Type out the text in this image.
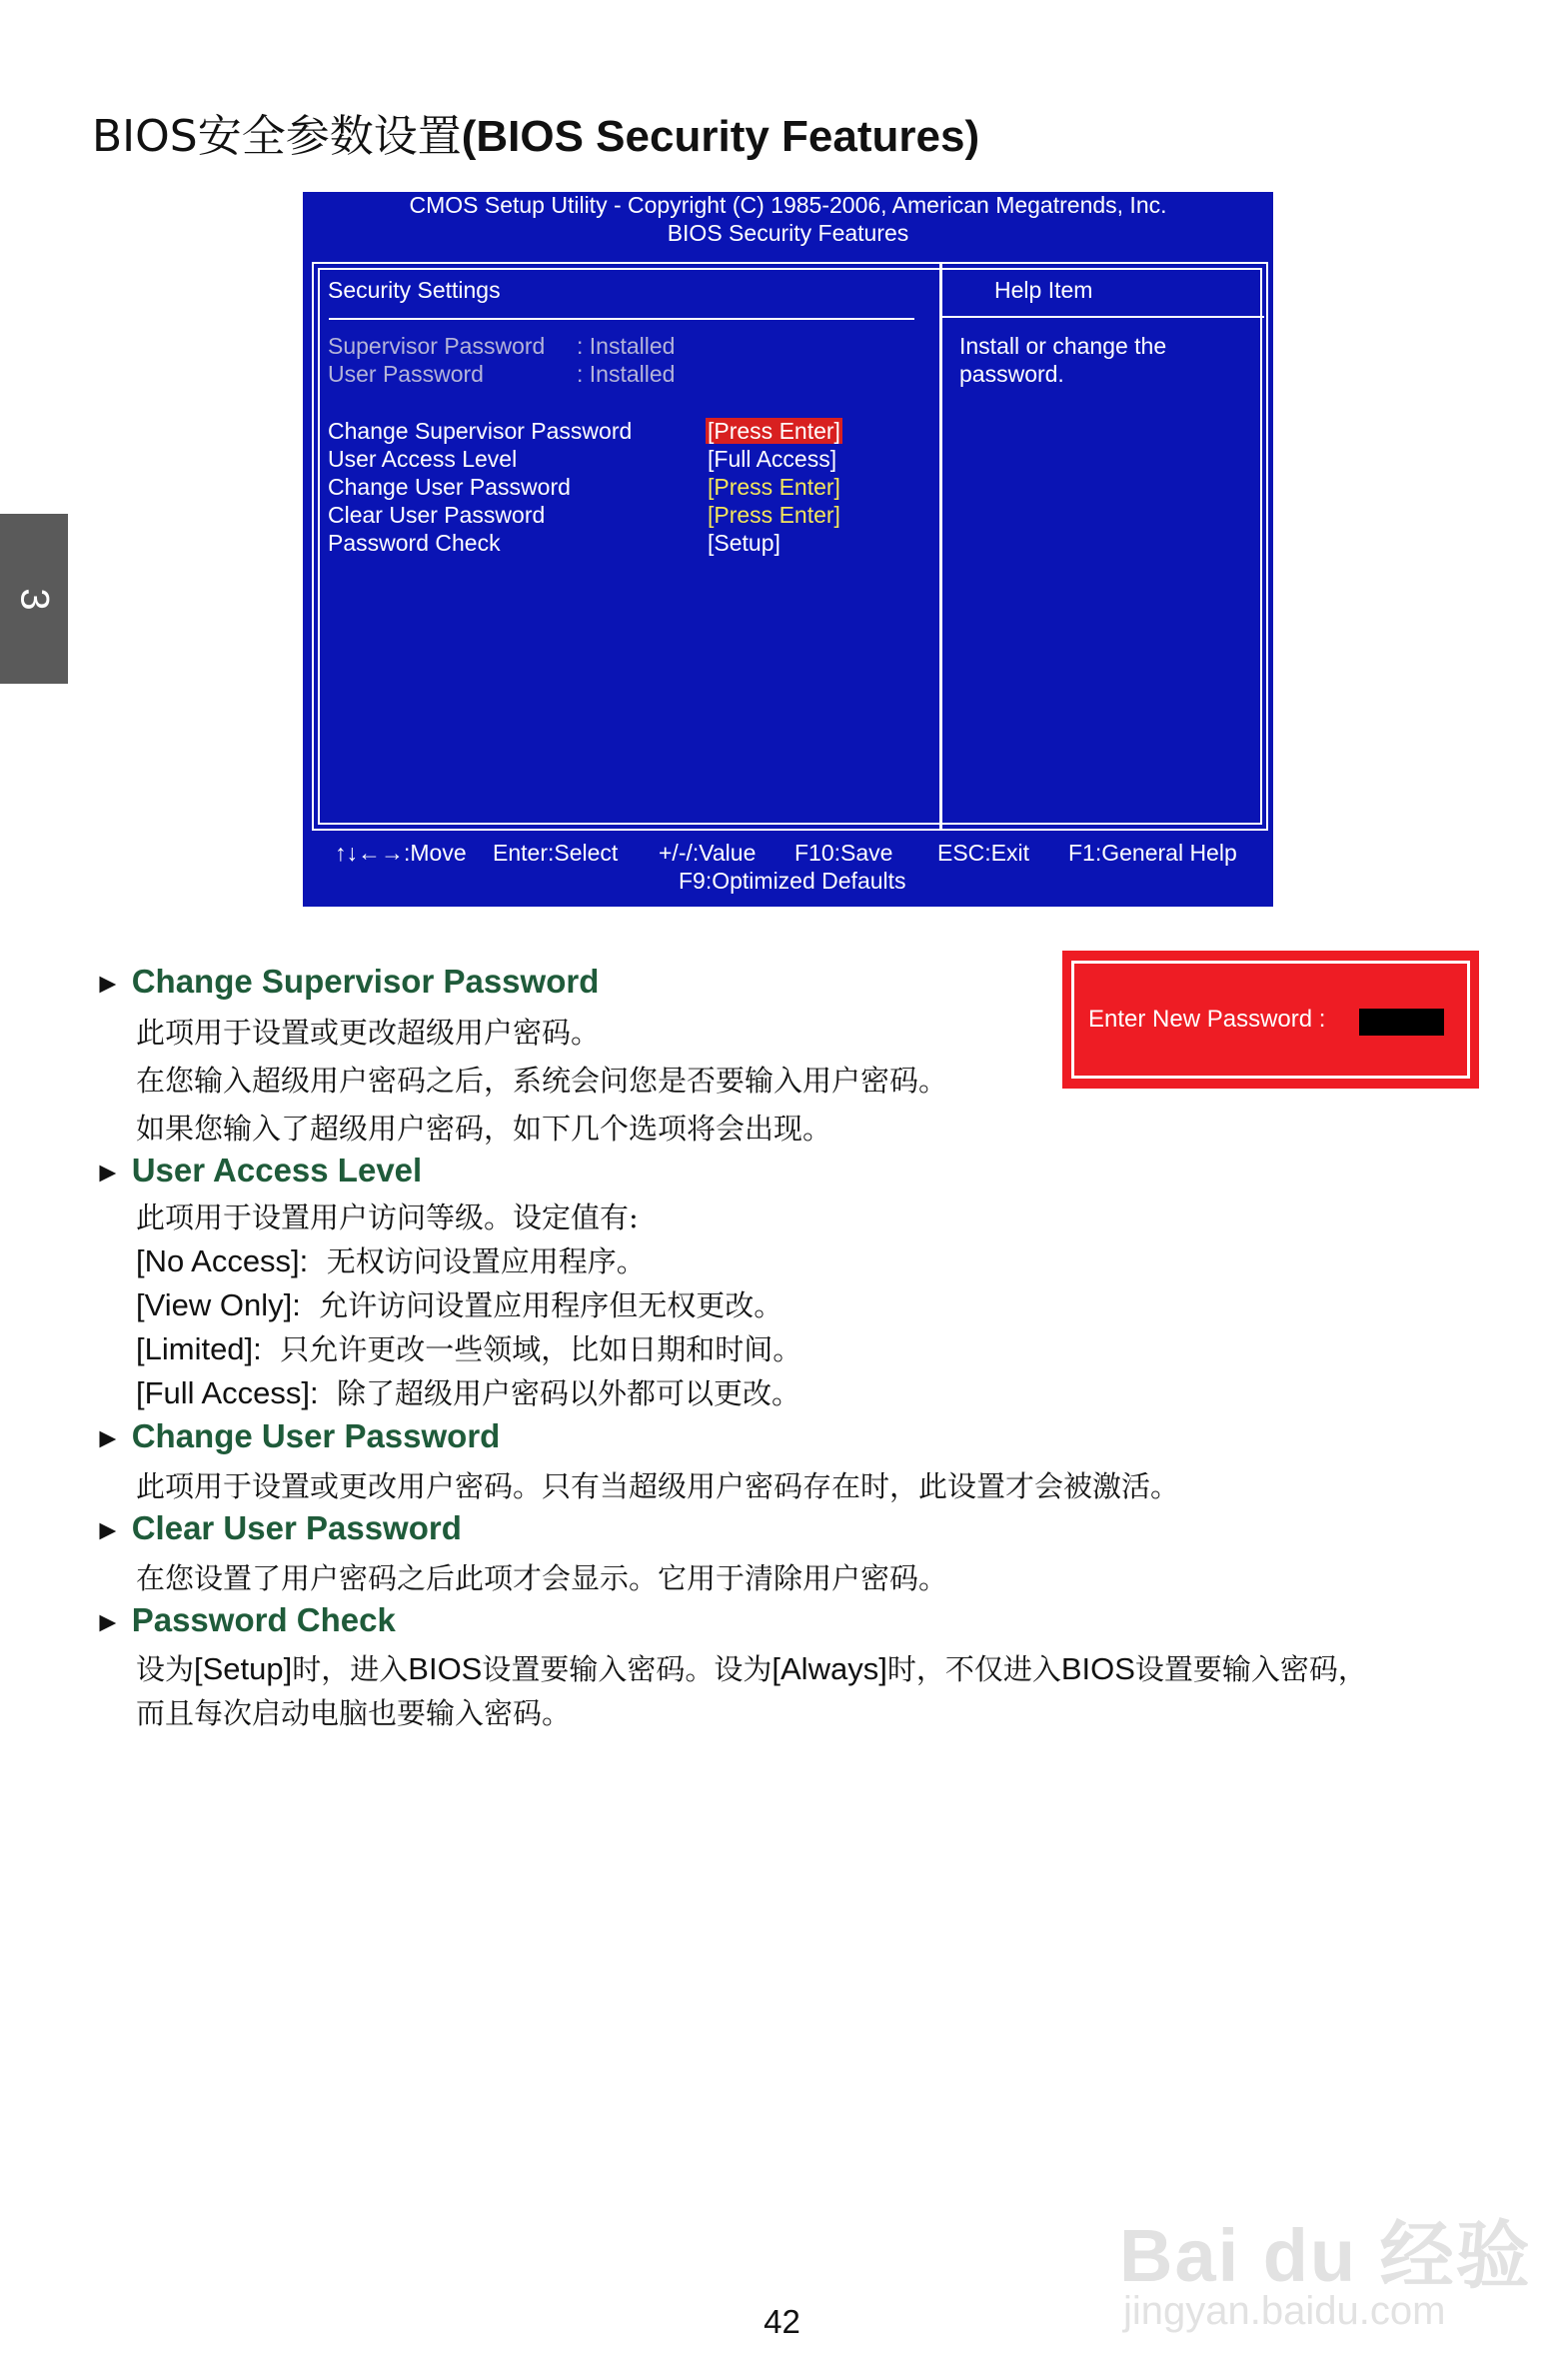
3
BIOS安全参数设置(BIOS Security Features)
CMOS Setup Utility - Copyright (C) 1985-2006, American Megatrends, Inc.
BIOS Security Features
Security Settings	Help Item
Install or change the
password.
Supervisor Password : Installed
User Password	: Installed
Change Supervisor Password	[Press Enter]
User Access Level	[Full Access]
Change User Password	[Press Enter]
Clear User Password	[Press Enter]
Password Check	[Setup]
↑↓←→:Move Enter:Select +/-/:Value F10:Save ESC:Exit F1:General Help
F9:Optimized Defaults
► Change Supervisor Password
此项用于设置或更改超级用户密码。
在您输入超级用户密码之后，系统会问您是否要输入用户密码。
如果您输入了超级用户密码，如下几个选项将会出现。
Enter New Password :
► User Access Level
此项用于设置用户访问等级。设定值有:
[No Access]: 无权访问设置应用程序。
[View Only]: 允许访问设置应用程序但无权更改。
[Limited]: 只允许更改一些领域，比如日期和时间。
[Full Access]: 除了超级用户密码以外都可以更改。
► Change User Password
此项用于设置或更改用户密码。只有当超级用户密码存在时，此设置才会被激活。
► Clear User Password
在您设置了用户密码之后此项才会显示。它用于清除用户密码。
► Password Check
设为[Setup]时，进入BIOS设置要输入密码。设为[Always]时，不仅进入BIOS设置要输入密码，
而且每次启动电脑也要输入密码。
42
Bai du 经验
jingyan.baidu.com
